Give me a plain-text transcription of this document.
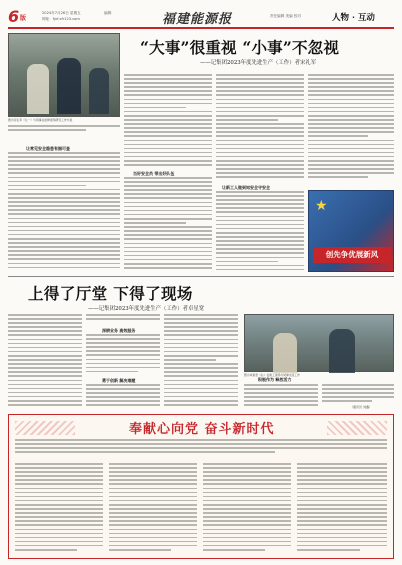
6 版
2024年7月26日 星期五	编辑：
网址：fjxf.xfr123.com	福建能源报	责任编辑 美编 校对	人物 · 互动
图为宋礼军（左一）与同事在检修现场研究工作方案
“大事”很重视 “小事”不忽视
——记集团2023年度先进生产（工作）者宋礼军
让常见安全隐患有据可查
当好安全员 带出好队伍
让新工人做到知安全守安全
★
创先争优展新风
上得了厅堂 下得了现场
——记集团2023年度先进生产（工作）者卓星宽
深耕业务 高效服务
勇于创新 解决难题
图为卓星宽（右）在施工现场与同事交流工作
积极作为 释放活力
（通讯员 刘鑫）
奉献心向党 奋斗新时代
